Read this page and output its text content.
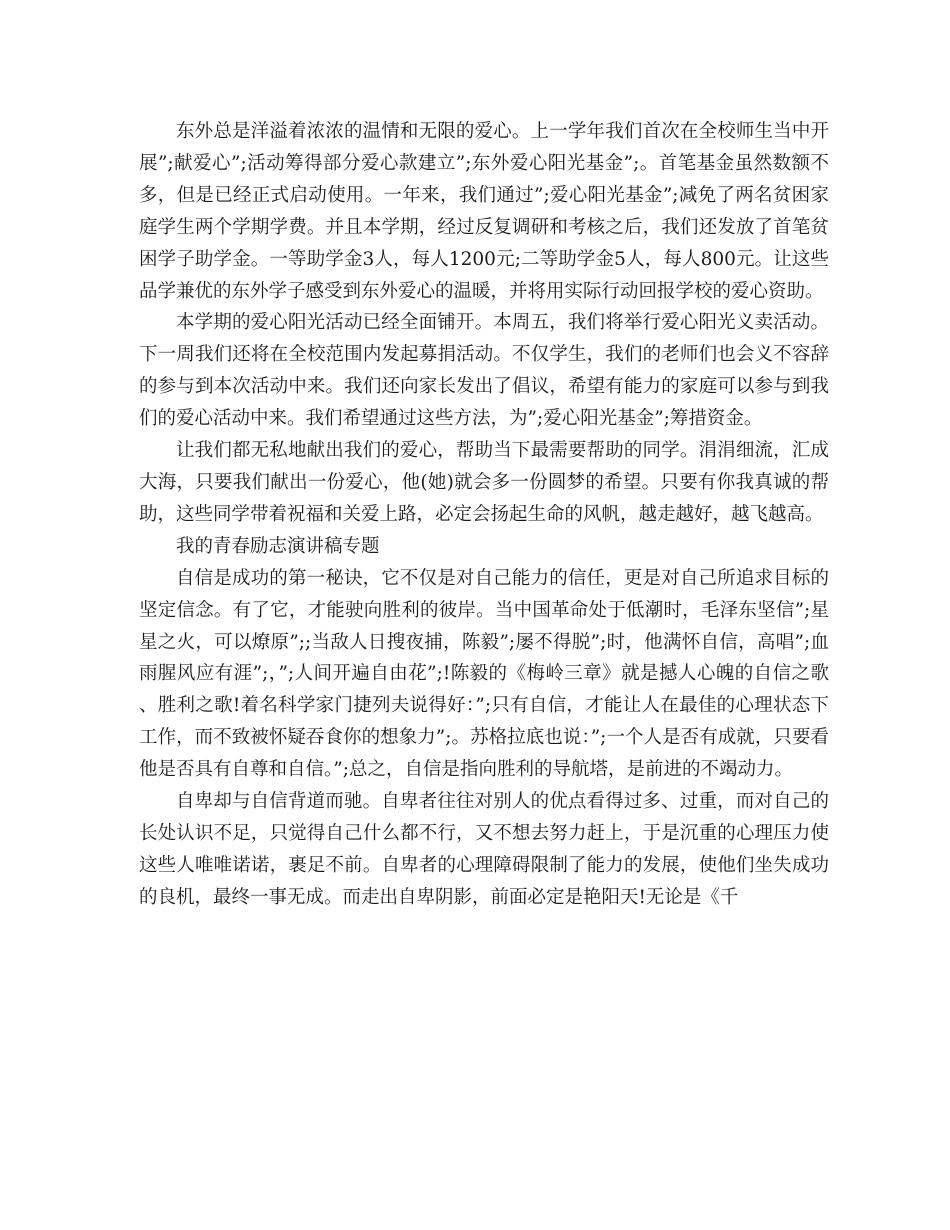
东外总是洋溢着浓浓的温情和无限的爱心。上一学年我们首次在全校师生当中开展”;献爱心”;活动筹得部分爱心款建立”;东外爱心阳光基金”;。首笔基金虽然数额不多，但是已经正式启动使用。一年来，我们通过”;爱心阳光基金”;减免了两名贫困家庭学生两个学期学费。并且本学期，经过反复调研和考核之后，我们还发放了首笔贫困学子助学金。一等助学金3人，每人1200元;二等助学金5人，每人800元。让这些品学兼优的东外学子感受到东外爱心的温暖，并将用实际行动回报学校的爱心资助。

本学期的爱心阳光活动已经全面铺开。本周五，我们将举行爱心阳光义卖活动。下一周我们还将在全校范围内发起募捐活动。不仅学生，我们的老师们也会义不容辞的参与到本次活动中来。我们还向家长发出了倡议，希望有能力的家庭可以参与到我们的爱心活动中来。我们希望通过这些方法，为”;爱心阳光基金”;筹措资金。

让我们都无私地献出我们的爱心，帮助当下最需要帮助的同学。涓涓细流，汇成大海，只要我们献出一份爱心，他(她)就会多一份圆梦的希望。只要有你我真诚的帮助，这些同学带着祝福和关爱上路，必定会扬起生命的风帆，越走越好，越飞越高。

我的青春励志演讲稿专题

自信是成功的第一秘诀，它不仅是对自己能力的信任，更是对自己所追求目标的坚定信念。有了它，才能驶向胜利的彼岸。当中国革命处于低潮时，毛泽东坚信”;星星之火，可以燎原”;;当敌人日搜夜捕，陈毅”;屡不得脱”;时，他满怀自信，高唱”;血雨腥风应有涯”;，”;人间开遍自由花”;!陈毅的《梅岭三章》就是撼人心魄的自信之歌、胜利之歌!着名科学家门捷列夫说得好：”;只有自信，才能让人在最佳的心理状态下工作，而不致被怀疑吞食你的想象力”;。苏格拉底也说：”;一个人是否有成就，只要看他是否具有自尊和自信。”;总之，自信是指向胜利的导航塔，是前进的不竭动力。

自卑却与自信背道而驰。自卑者往往对别人的优点看得过多、过重，而对自己的长处认识不足，只觉得自己什么都不行，又不想去努力赶上，于是沉重的心理压力使这些人唯唯诺诺，裹足不前。自卑者的心理障碍限制了能力的发展，使他们坐失成功的良机，最终一事无成。而走出自卑阴影，前面必定是艳阳天!无论是《千
